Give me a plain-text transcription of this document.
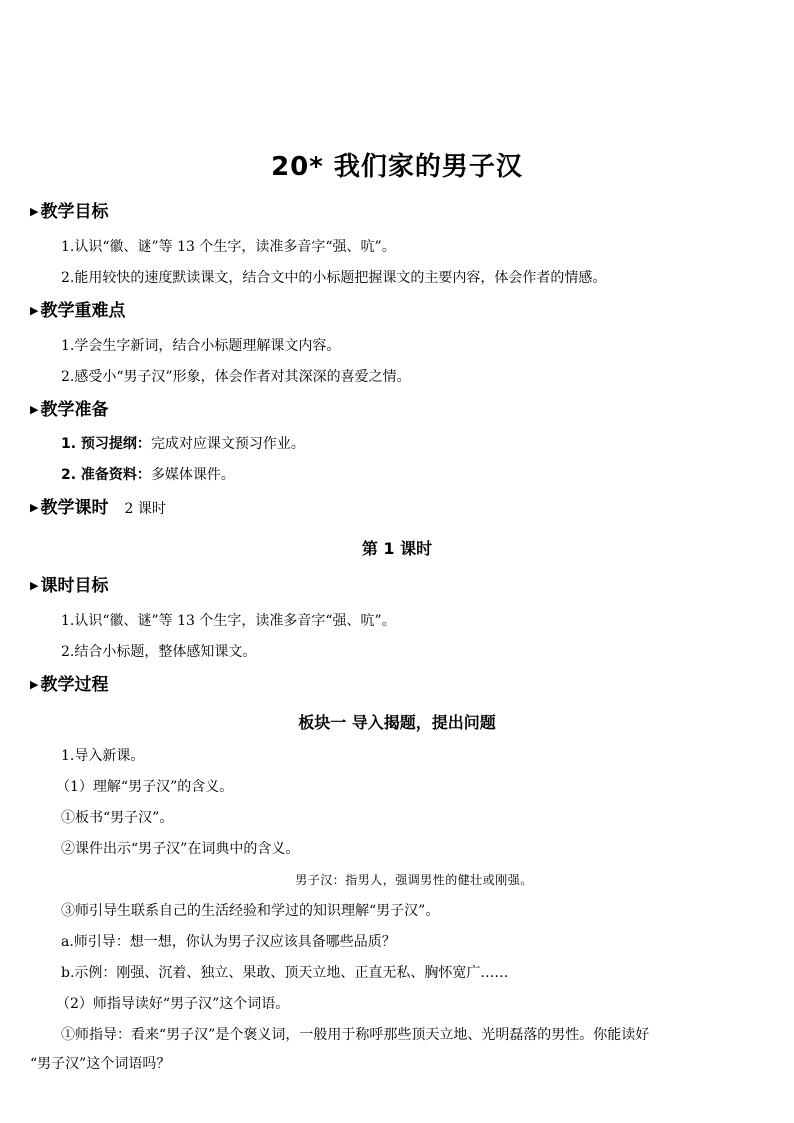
20* 我们家的男子汉
▶ 教学目标
1.认识“徽、谜”等 13 个生字，读准多音字“强、吭”。
2.能用较快的速度默读课文，结合文中的小标题把握课文的主要内容，体会作者的情感。
▶ 教学重难点
1.学会生字新词，结合小标题理解课文内容。
2.感受小“男子汉”形象，体会作者对其深深的喜爱之情。
▶ 教学准备
1. 预习提纲：完成对应课文预习作业。
2. 准备资料：多媒体课件。
▶ 教学课时 2 课时
第 1 课时
▶ 课时目标
1.认识“徽、谜”等 13 个生字，读准多音字“强、吭”。
2.结合小标题，整体感知课文。
▶ 教学过程
板块一 导入揭题，提出问题
1.导入新课。
（1）理解“男子汉”的含义。
①板书“男子汉”。
②课件出示“男子汉”在词典中的含义。
男子汉：指男人，强调男性的健壮或刚强。
③师引导生联系自己的生活经验和学过的知识理解“男子汉”。
a.师引导：想一想，你认为男子汉应该具备哪些品质？
b.示例：刚强、沉着、独立、果敢、顶天立地、正直无私、胸怀宽广……
（2）师指导读好“男子汉”这个词语。
①师指导：看来“男子汉”是个褒义词，一般用于称呼那些顶天立地、光明磊落的男性。你能读好
“男子汉”这个词语吗？
